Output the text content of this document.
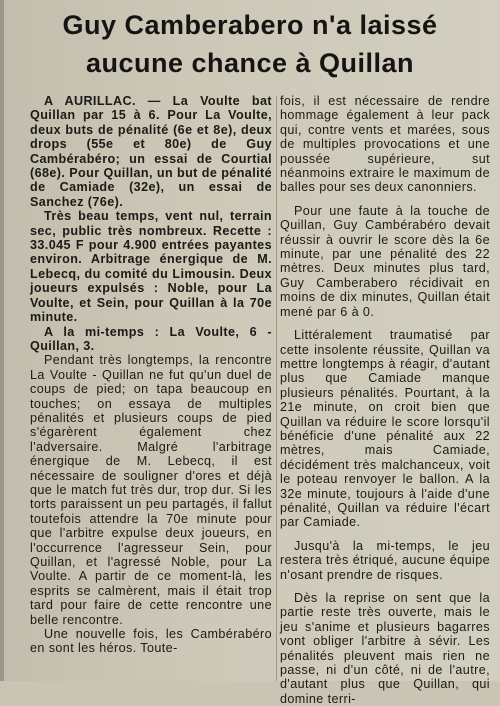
Guy Camberabero n'a laissé
aucune chance à Quillan

A AURILLAC. — La Voulte bat Quillan par 15 à 6. Pour La Voulte, deux buts de pénalité (6e et 8e), deux drops (55e et 80e) de Guy Cambérabéro; un essai de Courtial (68e). Pour Quillan, un but de pénalité de Camiade (32e), un essai de Sanchez (76e).

Très beau temps, vent nul, terrain sec, public très nombreux. Recette : 33.045 F pour 4.900 entrées payantes environ. Arbitrage énergique de M. Lebecq, du comité du Limousin. Deux joueurs expulsés : Noble, pour La Voulte, et Sein, pour Quillan à la 70e minute.

A la mi-temps : La Voulte, 6 - Quillan, 3.

Pendant très longtemps, la rencontre La Voulte - Quillan ne fut qu'un duel de coups de pied; on tapa beaucoup en touches; on essaya de multiples pénalités et plusieurs coups de pied s'égarèrent également chez l'adversaire. Malgré l'arbitrage énergique de M. Lebecq, il est nécessaire de souligner d'ores et déjà que le match fut très dur, trop dur. Si les torts paraissent un peu partagés, il fallut toutefois attendre la 70e minute pour que l'arbitre expulse deux joueurs, en l'occurrence l'agresseur Sein, pour Quillan, et l'agressé Noble, pour La Voulte. A partir de ce moment-là, les esprits se calmèrent, mais il était trop tard pour faire de cette rencontre une belle rencontre.

Une nouvelle fois, les Cambérabéro en sont les héros. Toute-

fois, il est nécessaire de rendre hommage également à leur pack qui, contre vents et marées, sous de multiples provocations et une poussée supérieure, sut néanmoins extraire le maximum de balles pour ses deux canonniers.

Pour une faute à la touche de Quillan, Guy Cambérabéro devait réussir à ouvrir le score dès la 6e minute, par une pénalité des 22 mètres. Deux minutes plus tard, Guy Camberabero récidivait en moins de dix minutes, Quillan était mené par 6 à 0.

Littéralement traumatisé par cette insolente réussite, Quillan va mettre longtemps à réagir, d'autant plus que Camiade manque plusieurs pénalités. Pourtant, à la 21e minute, on croit bien que Quillan va réduire le score lorsqu'il bénéficie d'une pénalité aux 22 mètres, mais Camiade, décidément très malchanceux, voit le poteau renvoyer le ballon. A la 32e minute, toujours à l'aide d'une pénalité, Quillan va réduire l'écart par Camiade.

Jusqu'à la mi-temps, le jeu restera très étriqué, aucune équipe n'osant prendre de risques.

Dès la reprise on sent que la partie reste très ouverte, mais le jeu s'anime et plusieurs bagarres vont obliger l'arbitre à sévir. Les pénalités pleuvent mais rien ne passe, ni d'un côté, ni de l'autre, d'autant plus que Quillan, qui domine terri-
